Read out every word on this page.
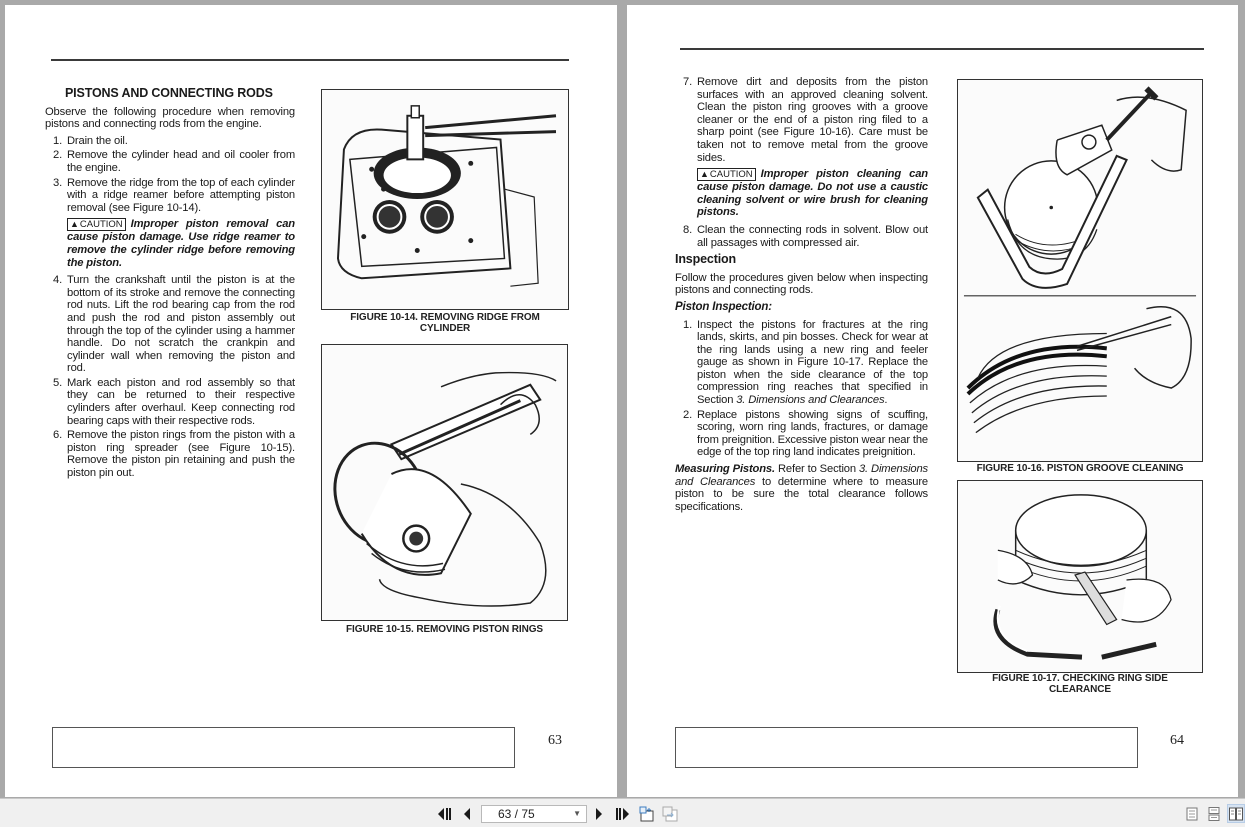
PISTONS AND CONNECTING RODS

Observe the following procedure when removing pistons and connecting rods from the engine.

1. Drain the oil.
2. Remove the cylinder head and oil cooler from the engine.
3. Remove the ridge from the top of each cylinder with a ridge reamer before attempting piston removal (see Figure 10-14).
▲CAUTION Improper piston removal can cause piston damage. Use ridge reamer to remove the cylinder ridge before removing the piston.
4. Turn the crankshaft until the piston is at the bottom of its stroke and remove the connecting rod nuts. Lift the rod bearing cap from the rod and push the rod and piston assembly out through the top of the cylinder using a hammer handle. Do not scratch the crankpin and cylinder wall when removing the piston and rod.
5. Mark each piston and rod assembly so that they can be returned to their respective cylinders after overhaul. Keep connecting rod bearing caps with their respective rods.
6. Remove the piston rings from the piston with a piston ring spreader (see Figure 10-15). Remove the piston pin retaining and push the piston pin out.
FIGURE 10-14. REMOVING RIDGE FROM
CYLINDER
FIGURE 10-15. REMOVING PISTON RINGS
63
7. Remove dirt and deposits from the piston surfaces with an approved cleaning solvent. Clean the piston ring grooves with a groove cleaner or the end of a piston ring filed to a sharp point (see Figure 10-16). Care must be taken not to remove metal from the groove sides.
▲CAUTION Improper piston cleaning can cause piston damage. Do not use a caustic cleaning solvent or wire brush for cleaning pistons.
8. Clean the connecting rods in solvent. Blow out all passages with compressed air.
Inspection

Follow the procedures given below when inspecting pistons and connecting rods.

Piston Inspection:
1. Inspect the pistons for fractures at the ring lands, skirts, and pin bosses. Check for wear at the ring lands using a new ring and feeler gauge as shown in Figure 10-17. Replace the piston when the side clearance of the top compression ring reaches that specified in Section 3. Dimensions and Clearances.
2. Replace pistons showing signs of scuffing, scoring, worn ring lands, fractures, or damage from preignition. Excessive piston wear near the edge of the top ring land indicates preignition.

Measuring Pistons. Refer to Section 3. Dimensions and Clearances to determine where to measure piston to be sure the total clearance follows specifications.

FIGURE 10-16. PISTON GROOVE CLEANING
FIGURE 10-17. CHECKING RING SIDE
CLEARANCE
64
63 / 75	▼
